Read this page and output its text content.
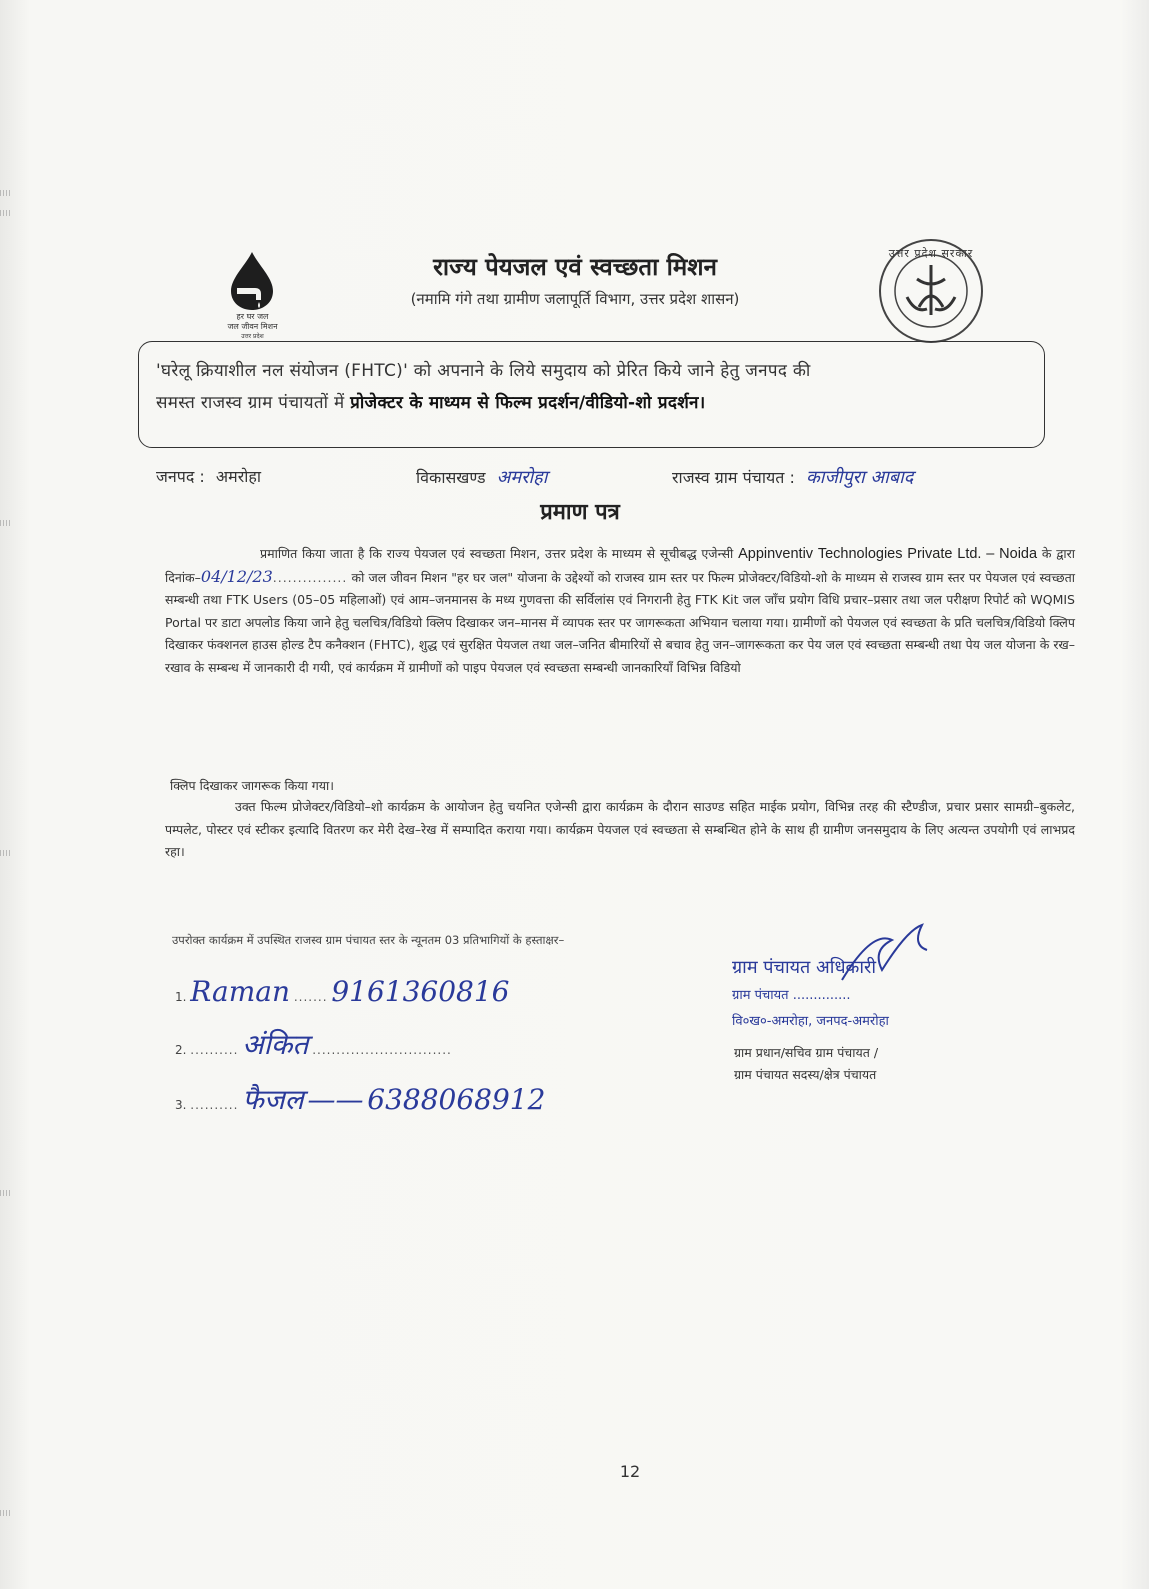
हर घर जल
जल जीवन मिशन
उत्तर प्रदेश
राज्य पेयजल एवं स्वच्छता मिशन
(नमामि गंगे तथा ग्रामीण जलापूर्ति विभाग, उत्तर प्रदेश शासन)
उत्तर प्रदेश सरकार
'घरेलू क्रियाशील नल संयोजन (FHTC)' को अपनाने के लिये समुदाय को प्रेरित किये जाने हेतु जनपद की
समस्त राजस्व ग्राम पंचायतों में प्रोजेक्टर के माध्यम से फिल्म प्रदर्शन/वीडियो-शो प्रदर्शन।
जनपद : अमरोहा	विकासखण्ड अमरोहा	राजस्व ग्राम पंचायत : काजीपुरा आबाद
प्रमाण पत्र
प्रमाणित किया जाता है कि राज्य पेयजल एवं स्वच्छता मिशन, उत्तर प्रदेश के माध्यम से सूचीबद्ध एजेन्सी Appinventiv Technologies Private Ltd. – Noida के द्वारा दिनांक–04/12/23............... को जल जीवन मिशन "हर घर जल" योजना के उद्देश्यों को राजस्व ग्राम स्तर पर फिल्म प्रोजेक्टर/विडियो-शो के माध्यम से राजस्व ग्राम स्तर पर पेयजल एवं स्वच्छता सम्बन्धी तथा FTK Users (05–05 महिलाओं) एवं आम–जनमानस के मध्य गुणवत्ता की सर्विलांस एवं निगरानी हेतु FTK Kit जल जाँच प्रयोग विधि प्रचार–प्रसार तथा जल परीक्षण रिपोर्ट को WQMIS Portal पर डाटा अपलोड किया जाने हेतु चलचित्र/विडियो क्लिप दिखाकर जन–मानस में व्यापक स्तर पर जागरूकता अभियान चलाया गया। ग्रामीणों को पेयजल एवं स्वच्छता के प्रति चलचित्र/विडियो क्लिप दिखाकर फंक्शनल हाउस होल्ड टैप कनैक्शन (FHTC), शुद्ध एवं सुरक्षित पेयजल तथा जल–जनित बीमारियों से बचाव हेतु जन–जागरूकता कर पेय जल एवं स्वच्छता सम्बन्धी तथा पेय जल योजना के रख–रखाव के सम्बन्ध में जानकारी दी गयी, एवं कार्यक्रम में ग्रामीणों को पाइप पेयजल एवं स्वच्छता सम्बन्धी जानकारियाँ विभिन्न विडियो
क्लिप दिखाकर जागरूक किया गया।
उक्त फिल्म प्रोजेक्टर/विडियो–शो कार्यक्रम के आयोजन हेतु चयनित एजेन्सी द्वारा कार्यक्रम के दौरान साउण्ड सहित माईक प्रयोग, विभिन्न तरह की स्टैण्डीज, प्रचार प्रसार सामग्री–बुकलेट, पम्पलेट, पोस्टर एवं स्टीकर इत्यादि वितरण कर मेरी देख–रेख में सम्पादित कराया गया। कार्यक्रम पेयजल एवं स्वच्छता से सम्बन्धित होने के साथ ही ग्रामीण जनसमुदाय के लिए अत्यन्त उपयोगी एवं लाभप्रद रहा।
उपरोक्त कार्यक्रम में उपस्थित राजस्व ग्राम पंचायत स्तर के न्यूनतम 03 प्रतिभागियों के हस्ताक्षर–
1. Raman ....... 9161360816
2. .......... अंकित .............................
3. .......... फैजल —— 6388068912
ग्राम पंचायत अधिकारी
ग्राम पंचायत ..............
वि०ख०-अमरोहा, जनपद-अमरोहा
ग्राम प्रधान/सचिव ग्राम पंचायत /
ग्राम पंचायत सदस्य/क्षेत्र पंचायत
12
